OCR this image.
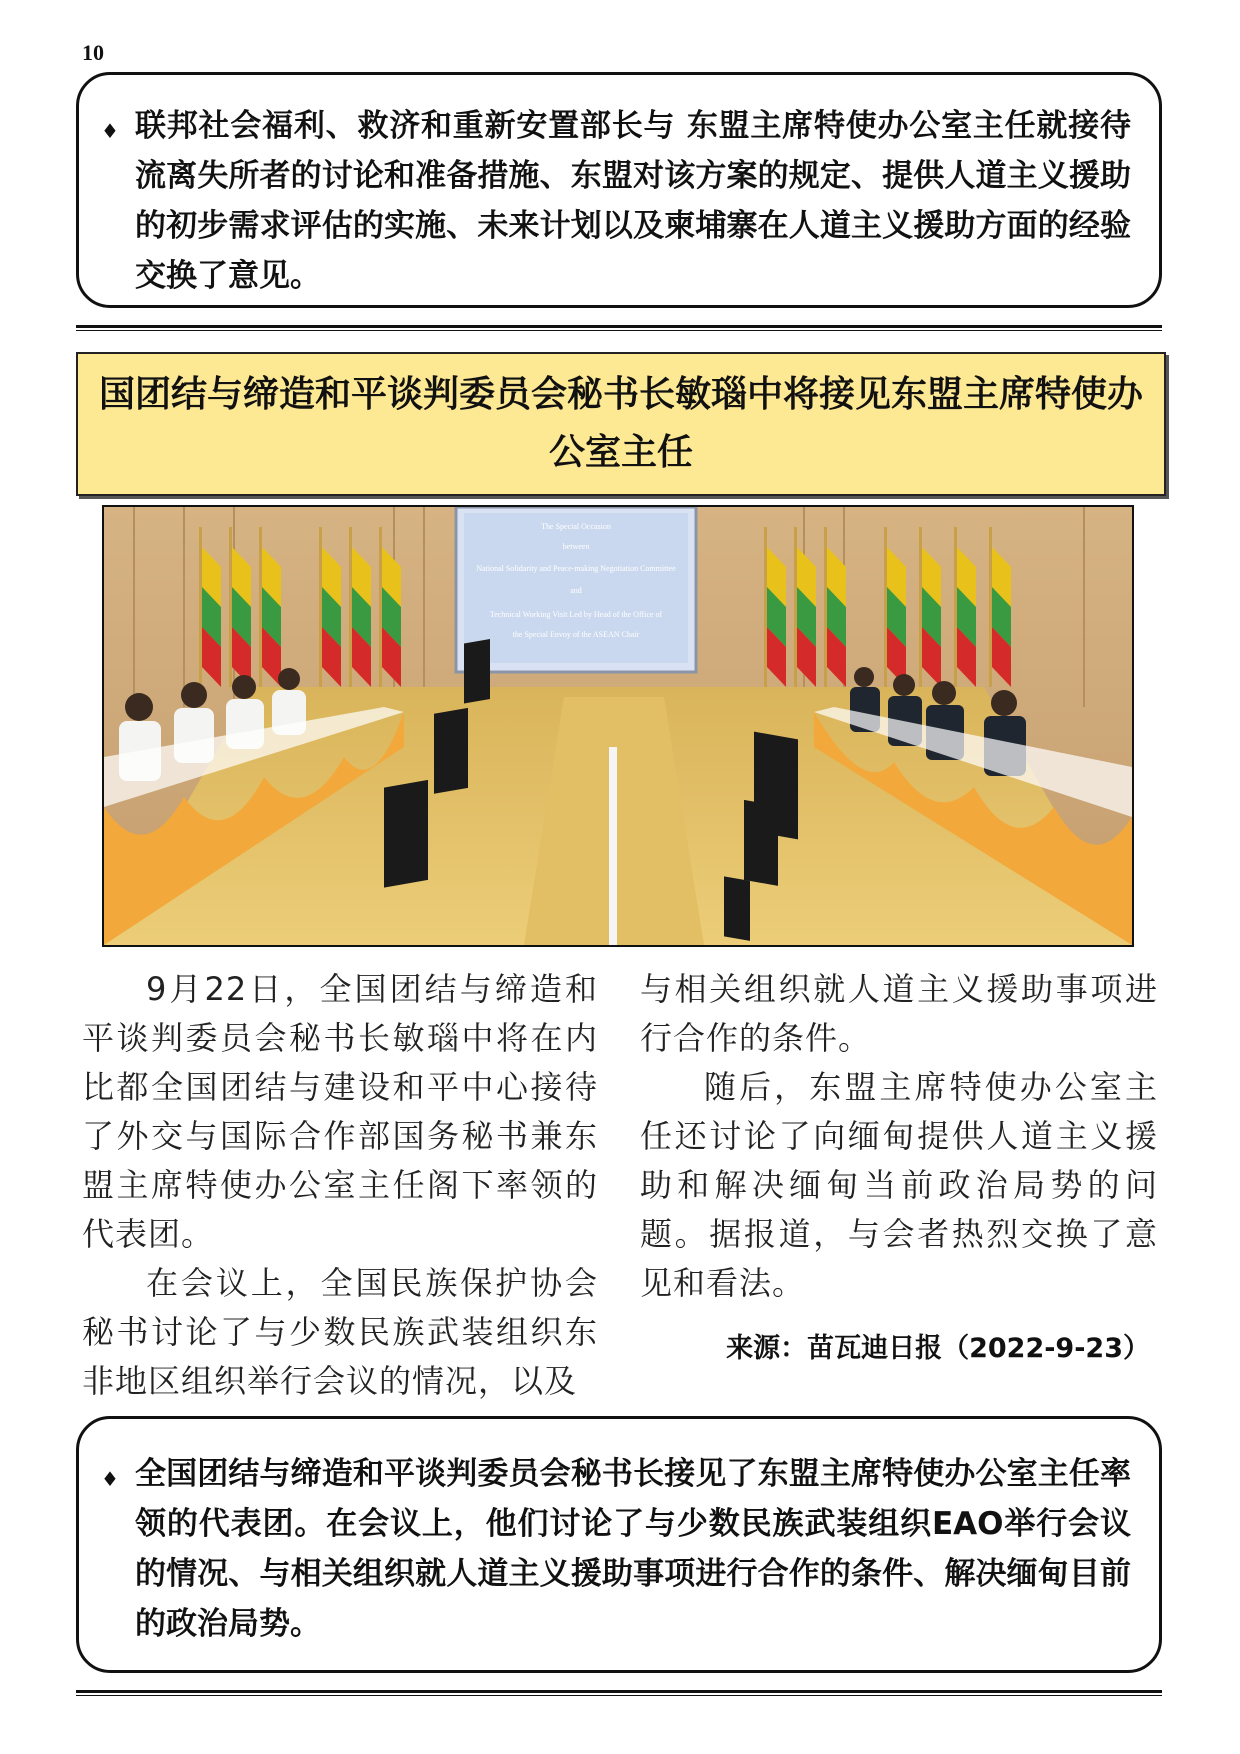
10
♦ 联邦社会福利、救济和重新安置部长与 东盟主席特使办公室主任就接待流离失所者的讨论和准备措施、东盟对该方案的规定、提供人道主义援助的初步需求评估的实施、未来计划以及柬埔寨在人道主义援助方面的经验交换了意见。
国团结与缔造和平谈判委员会秘书长敏瑙中将接见东盟主席特使办公室主任
The Special Occasion
between
National Solidarity and Peace-making Negotiation Committee
and
Technical Working Visit Led by Head of the Office of
the Special Envoy of the ASEAN Chair

9月22日，全国团结与缔造和平谈判委员会秘书长敏瑙中将在内比都全国团结与建设和平中心接待了外交与国际合作部国务秘书兼东盟主席特使办公室主任阁下率领的代表团。

在会议上，全国民族保护协会秘书讨论了与少数民族武装组织东非地区组织举行会议的情况，以及

与相关组织就人道主义援助事项进行合作的条件。

随后，东盟主席特使办公室主任还讨论了向缅甸提供人道主义援助和解决缅甸当前政治局势的问题。据报道，与会者热烈交换了意见和看法。

来源：苗瓦迪日报（2022-9-23）
♦ 全国团结与缔造和平谈判委员会秘书长接见了东盟主席特使办公室主任率领的代表团。在会议上，他们讨论了与少数民族武装组织EAO举行会议的情况、与相关组织就人道主义援助事项进行合作的条件、解决缅甸目前的政治局势。
